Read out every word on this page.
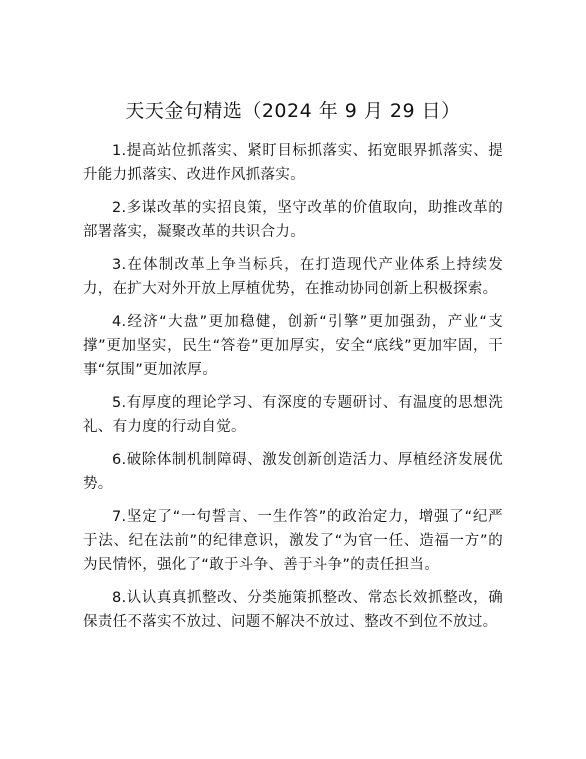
天天金句精选（2024 年 9 月 29 日）

1.提高站位抓落实、紧盯目标抓落实、拓宽眼界抓落实、提升能力抓落实、改进作风抓落实。

2.多谋改革的实招良策，坚守改革的价值取向，助推改革的部署落实，凝聚改革的共识合力。

3.在体制改革上争当标兵，在打造现代产业体系上持续发力，在扩大对外开放上厚植优势，在推动协同创新上积极探索。

4.经济“大盘”更加稳健，创新“引擎”更加强劲，产业“支撑”更加坚实，民生“答卷”更加厚实，安全“底线”更加牢固，干事“氛围”更加浓厚。

5.有厚度的理论学习、有深度的专题研讨、有温度的思想洗礼、有力度的行动自觉。

6.破除体制机制障碍、激发创新创造活力、厚植经济发展优势。

7.坚定了“一句誓言、一生作答”的政治定力，增强了“纪严于法、纪在法前”的纪律意识，激发了“为官一任、造福一方”的为民情怀，强化了“敢于斗争、善于斗争”的责任担当。

8.认认真真抓整改、分类施策抓整改、常态长效抓整改，确保责任不落实不放过、问题不解决不放过、整改不到位不放过。
